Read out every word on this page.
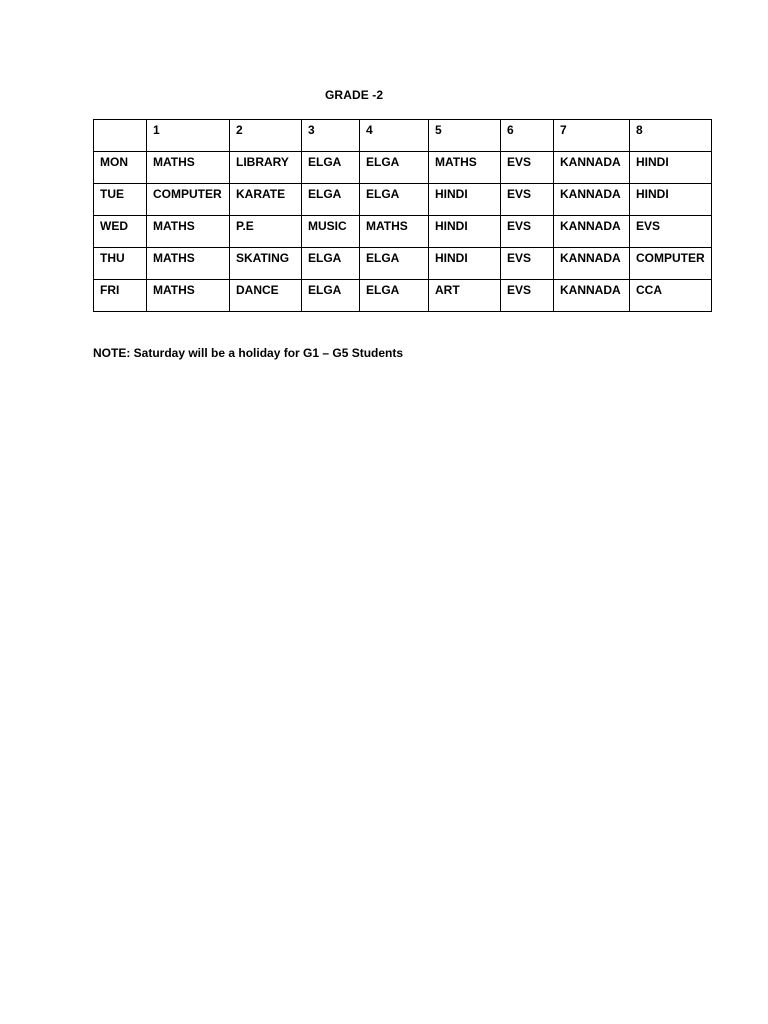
GRADE -2

	1	2	3	4	5	6	7	8

MON	MATHS	LIBRARY	ELGA	ELGA	MATHS	EVS	KANNADA	HINDI

TUE	COMPUTER	KARATE	ELGA	ELGA	HINDI	EVS	KANNADA	HINDI

WED	MATHS	P.E	MUSIC	MATHS	HINDI	EVS	KANNADA	EVS

THU	MATHS	SKATING	ELGA	ELGA	HINDI	EVS	KANNADA	COMPUTER

FRI	MATHS	DANCE	ELGA	ELGA	ART	EVS	KANNADA	CCA
NOTE: Saturday will be a holiday for G1 – G5 Students
